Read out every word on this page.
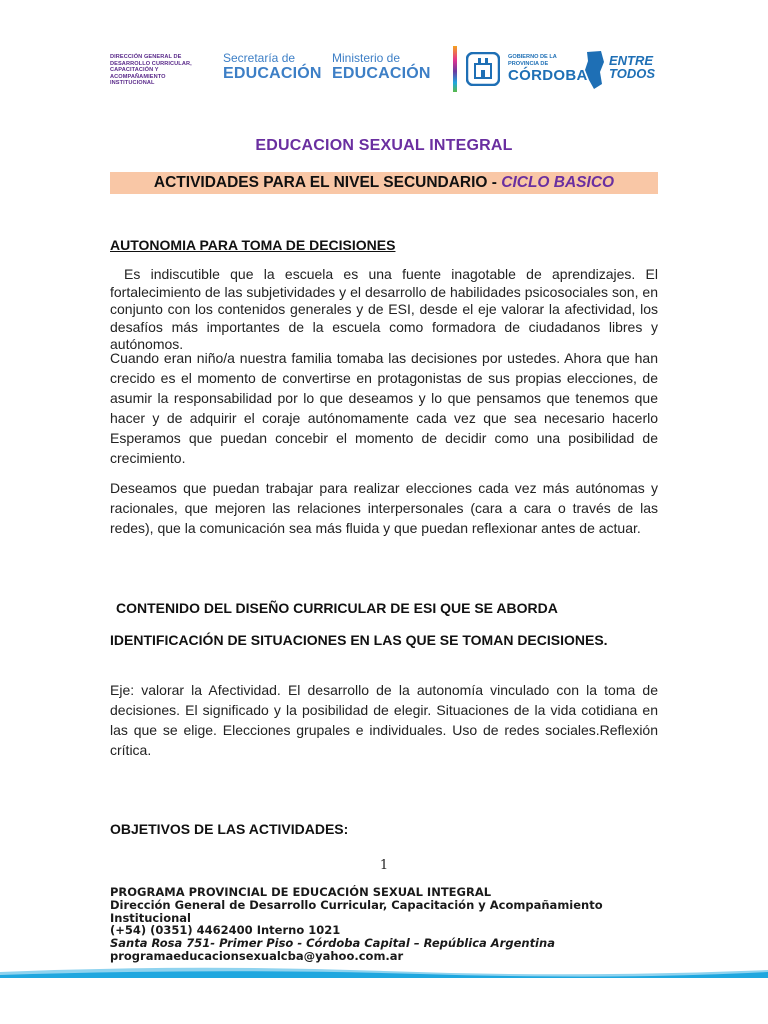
DIRECCIÓN GENERAL DE
DESARROLLO CURRICULAR,
CAPACITACIÓN Y
ACOMPAÑAMIENTO
INSTITUCIONAL
Secretaría de
EDUCACIÓN
Ministerio de
EDUCACIÓN
GOBIERNO DE LA
PROVINCIA DE
CÓRDOBA
ENTRE
TODOS
EDUCACION SEXUAL INTEGRAL
ACTIVIDADES PARA EL NIVEL SECUNDARIO - CICLO BASICO
AUTONOMIA PARA TOMA DE DECISIONES
Es indiscutible que la escuela es una fuente inagotable de aprendizajes. El fortalecimiento de las subjetividades y el desarrollo de habilidades psicosociales son, en conjunto con los contenidos generales y de ESI, desde el eje valorar la afectividad, los desafíos más importantes de la escuela como formadora de ciudadanos libres y autónomos.
Cuando eran niño/a nuestra familia tomaba las decisiones por ustedes. Ahora que han crecido es el momento de convertirse en protagonistas de sus propias elecciones, de asumir la responsabilidad por lo que deseamos y lo que pensamos que tenemos que hacer y de adquirir el coraje autónomamente cada vez que sea necesario hacerlo Esperamos que puedan concebir el momento de decidir como una posibilidad de crecimiento.
Deseamos que puedan trabajar para realizar elecciones cada vez más autónomas y racionales, que mejoren las relaciones interpersonales (cara a cara o través de las redes), que la comunicación sea más fluida y que puedan reflexionar antes de actuar.
CONTENIDO DEL DISEÑO CURRICULAR DE ESI QUE SE ABORDA
IDENTIFICACIÓN DE SITUACIONES EN LAS QUE SE TOMAN DECISIONES.
Eje: valorar la Afectividad. El desarrollo de la autonomía vinculado con la toma de decisiones. El significado y la posibilidad de elegir. Situaciones de la vida cotidiana en las que se elige. Elecciones grupales e individuales. Uso de redes sociales.Reflexión crítica.
OBJETIVOS DE LAS ACTIVIDADES:
1
PROGRAMA PROVINCIAL DE EDUCACIÓN SEXUAL INTEGRAL
Dirección General de Desarrollo Curricular, Capacitación y Acompañamiento Institucional
(+54) (0351) 4462400 Interno 1021
Santa Rosa 751- Primer Piso - Córdoba Capital – República Argentina
programaeducacionsexualcba@yahoo.com.ar
